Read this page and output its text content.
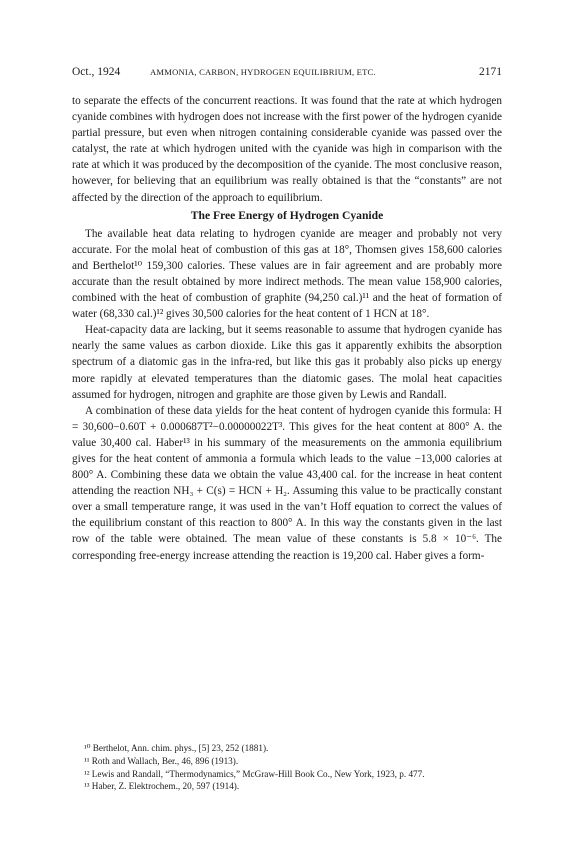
Oct., 1924	AMMONIA, CARBON, HYDROGEN EQUILIBRIUM, ETC.	2171

to separate the effects of the concurrent reactions. It was found that the rate at which hydrogen cyanide combines with hydrogen does not increase with the first power of the hydrogen cyanide partial pressure, but even when nitrogen containing considerable cyanide was passed over the catalyst, the rate at which hydrogen united with the cyanide was high in comparison with the rate at which it was produced by the decomposition of the cyanide. The most conclusive reason, however, for believing that an equilibrium was really obtained is that the “constants” are not affected by the direction of the approach to equilibrium.

The Free Energy of Hydrogen Cyanide

The available heat data relating to hydrogen cyanide are meager and probably not very accurate. For the molal heat of combustion of this gas at 18°, Thomsen gives 158,600 calories and Berthelot¹⁰ 159,300 calories. These values are in fair agreement and are probably more accurate than the result obtained by more indirect methods. The mean value 158,900 calories, combined with the heat of combustion of graphite (94,250 cal.)¹¹ and the heat of formation of water (68,330 cal.)¹² gives 30,500 calories for the heat content of 1 HCN at 18°.

Heat-capacity data are lacking, but it seems reasonable to assume that hydrogen cyanide has nearly the same values as carbon dioxide. Like this gas it apparently exhibits the absorption spectrum of a diatomic gas in the infra-red, but like this gas it probably also picks up energy more rapidly at elevated temperatures than the diatomic gases. The molal heat capacities assumed for hydrogen, nitrogen and graphite are those given by Lewis and Randall.

A combination of these data yields for the heat content of hydrogen cyanide this formula: H = 30,600−0.60T + 0.000687T²−0.00000022T³. This gives for the heat content at 800° A. the value 30,400 cal. Haber¹³ in his summary of the measurements on the ammonia equilibrium gives for the heat content of ammonia a formula which leads to the value −13,000 calories at 800° A. Combining these data we obtain the value 43,400 cal. for the increase in heat content attending the reaction NH₃ + C(s) = HCN + H₂. Assuming this value to be practically constant over a small temperature range, it was used in the van’t Hoff equation to correct the values of the equilibrium constant of this reaction to 800° A. In this way the constants given in the last row of the table were obtained. The mean value of these constants is 5.8 × 10⁻⁶. The corresponding free-energy increase attending the reaction is 19,200 cal. Haber gives a form-

¹⁰ Berthelot, Ann. chim. phys., [5] 23, 252 (1881).

¹¹ Roth and Wallach, Ber., 46, 896 (1913).

¹² Lewis and Randall, “Thermodynamics,” McGraw-Hill Book Co., New York, 1923, p. 477.

¹³ Haber, Z. Elektrochem., 20, 597 (1914).
